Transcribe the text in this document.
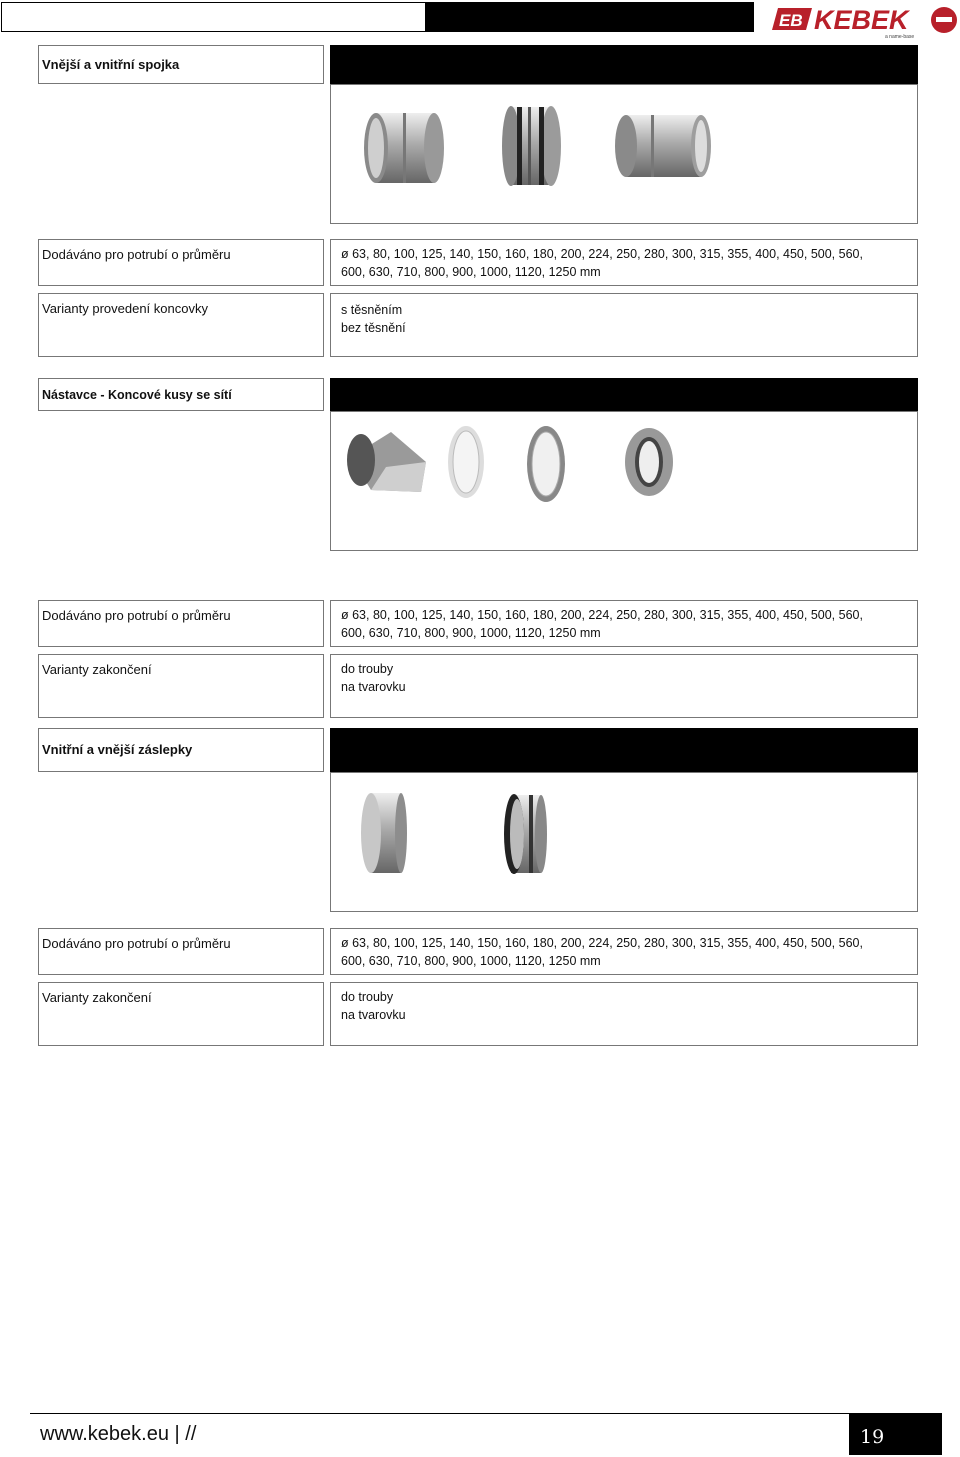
EB KEBEK
a name-base
Vnější a vnitřní spojka
Dodáváno pro potrubí o průměru	ø 63, 80, 100, 125, 140, 150, 160, 180, 200, 224, 250, 280, 300, 315, 355, 400, 450, 500, 560,
600, 630, 710, 800, 900, 1000, 1120, 1250 mm
Varianty provedení koncovky	s těsněním
bez těsnění
Nástavce - Koncové kusy se sítí
Dodáváno pro potrubí o průměru	ø 63, 80, 100, 125, 140, 150, 160, 180, 200, 224, 250, 280, 300, 315, 355, 400, 450, 500, 560,
600, 630, 710, 800, 900, 1000, 1120, 1250 mm
Varianty zakončení	do trouby
na tvarovku
Vnitřní a vnější záslepky
Dodáváno pro potrubí o průměru	ø 63, 80, 100, 125, 140, 150, 160, 180, 200, 224, 250, 280, 300, 315, 355, 400, 450, 500, 560,
600, 630, 710, 800, 900, 1000, 1120, 1250 mm
Varianty zakončení	do trouby
na tvarovku
www.kebek.eu | //	19
